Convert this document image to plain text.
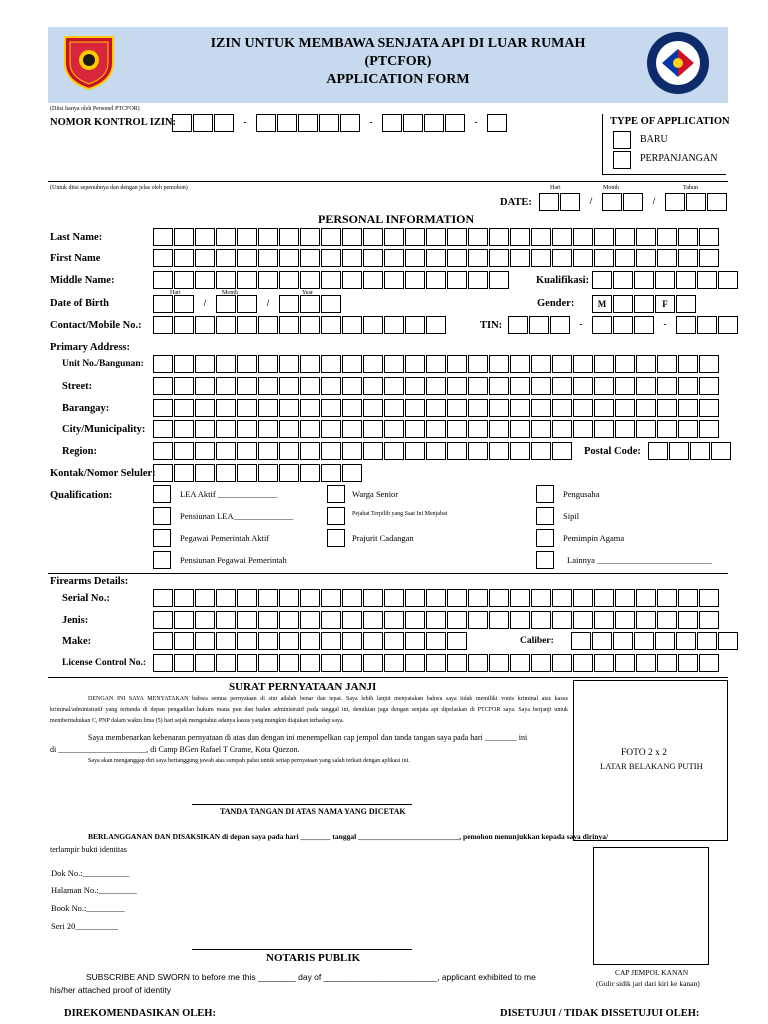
IZIN UNTUK MEMBAWA SENJATA API DI LUAR RUMAH
(PTCFOR)
APPLICATION FORM
(Diisi hanya oleh Personel PTCFOR)
NOMOR KONTROL IZIN:	-	-	-	TYPE OF APPLICATION
BARU
PERPANJANGAN
(Untuk diisi sepenuhnya dan dengan jelas oleh pemohon)	Hari	Month	Tahun
DATE:	/	/
PERSONAL INFORMATION
Last Name:
First Name
Middle Name:	Kualifikasi:
Hari	Month	Year
Date of Birth	/	/	Gender:	M	F
Contact/Mobile No.:	TIN:	-	-
Primary Address:
Unit No./Bangunan:
Street:
Barangay:
City/Municipality:
Region:	Postal Code:
Kontak/Nomor Seluler:
Qualification:	LEA Aktif ______________
Pensiunan LEA______________
Pegawai Pemerintah Aktif
Pensiunan Pegawai Pemerintah
Warga Senior
Pejabat Terpilih yang Saat Ini Menjabat
Prajurit Cadangan
Pengusaha
Sipil
Pemimpin Agama
Lainnya ___________________________
Firearms Details:
Serial No.:
Jenis:
Make:	Caliber:
License Control No.:
SURAT PERNYATAAN JANJI
DENGAN INI SAYA MENYATAKAN bahwa semua pernyataan di sini adalah benar dan tepat. Saya lebih lanjut menyatakan bahwa saya tidak memiliki vonis kriminal atas kasus kriminal/administratif yang tertunda di depan pengadilan hukum mana pun dan badan administratif pada tanggal ini, demikian juga dengan senjata api dipelaskan di PTCFOR saya. Saya berjanji untuk memberitahukan C, PNP dalam waktu lima (5) hari sejak mengetahui adanya kasus yang mungkin diajukan terhadap saya.
Saya membenarkan kebenaran pernyataan di atas dan dengan ini menempelkan cap jempol dan tanda tangan saya pada hari ________ ini
di ______________________, di Camp BGen Rafael T Crame, Kota Quezon.
Saya akan menganggap diri saya bertanggung jawab atas sumpah palsu untuk setiap pernyataan yang salah terkait dengan aplikasi ini.
TANDA TANGAN DI ATAS NAMA YANG DICETAK
BERLANGGANAN DAN DISAKSIKAN di depan saya pada hari ________ tanggal ___________________________, pemohon menunjukkan kepada saya dirinya/
terlampir bukti identitas
Dok No.:___________
Halaman No.:_________
Book No.:_________
Seri 20__________
NOTARIS PUBLIK
SUBSCRIBE AND SWORN to before me this ________ day of ________________________, applicant exhibited to me
his/her attached proof of identity
FOTO 2 x 2
LATAR BELAKANG PUTIH
CAP JEMPOL KANAN
(Gulir sidik jari dari kiri ke kanan)
DIREKOMENDASIKAN OLEH:	DISETUJUI / TIDAK DISSETUJUI OLEH:
